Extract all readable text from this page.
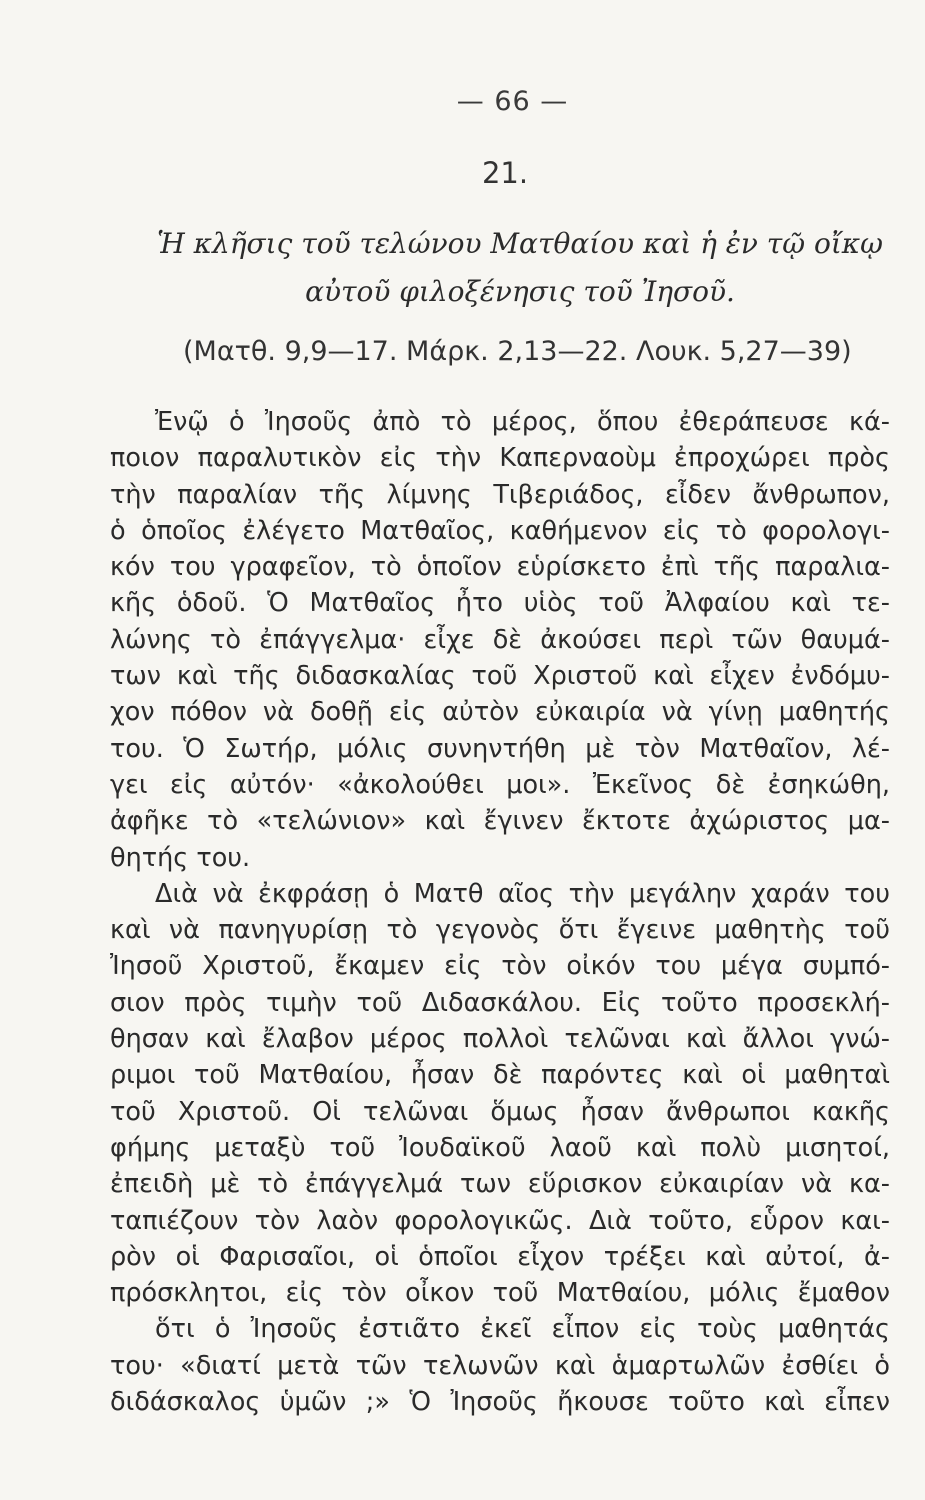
— 66 —
21.
Ἡ κλῆσις τοῦ τελώνου Ματθαίου καὶ ἡ ἐν τῷ οἴκῳ
αὐτοῦ φιλοξένησις τοῦ Ἰησοῦ.
(Ματθ. 9,9—17. Μάρκ. 2,13—22. Λουκ. 5,27—39)
Ἐνῷ ὁ Ἰησοῦς ἀπὸ τὸ μέρος, ὅπου ἐθεράπευσε κά-
ποιον παραλυτικὸν εἰς τὴν Καπερναοὺμ ἐπροχώρει πρὸς
τὴν παραλίαν τῆς λίμνης Τιβεριάδος, εἶδεν ἄνθρωπον,
ὁ ὁποῖος ἐλέγετο Ματθαῖος, καθήμενον εἰς τὸ φορολογι-
κόν του γραφεῖον, τὸ ὁποῖον εὑρίσκετο ἐπὶ τῆς παραλια-
κῆς ὁδοῦ. Ὁ Ματθαῖος ἦτο υἱὸς τοῦ Ἀλφαίου καὶ τε-
λώνης τὸ ἐπάγγελμα· εἶχε δὲ ἀκούσει περὶ τῶν θαυμά-
των καὶ τῆς διδασκαλίας τοῦ Χριστοῦ καὶ εἶχεν ἐνδόμυ-
χον πόθον νὰ δοθῇ εἰς αὐτὸν εὐκαιρία νὰ γίνῃ μαθητής
του. Ὁ Σωτήρ, μόλις συνηντήθη μὲ τὸν Ματθαῖον, λέ-
γει εἰς αὐτόν· «ἀκολούθει μοι». Ἐκεῖνος δὲ ἐσηκώθη,
ἀφῆκε τὸ «τελώνιον» καὶ ἔγινεν ἔκτοτε ἀχώριστος μα-
θητής του.
Διὰ νὰ ἐκφράσῃ ὁ Ματθ αῖος τὴν μεγάλην χαράν του
καὶ νὰ πανηγυρίσῃ τὸ γεγονὸς ὅτι ἔγεινε μαθητὴς τοῦ
Ἰησοῦ Χριστοῦ, ἔκαμεν εἰς τὸν οἰκόν του μέγα συμπό-
σιον πρὸς τιμὴν τοῦ Διδασκάλου. Εἰς τοῦτο προσεκλή-
θησαν καὶ ἔλαβον μέρος πολλοὶ τελῶναι καὶ ἄλλοι γνώ-
ριμοι τοῦ Ματθαίου, ἦσαν δὲ παρόντες καὶ οἱ μαθηταὶ
τοῦ Χριστοῦ. Οἱ τελῶναι ὅμως ἦσαν ἄνθρωποι κακῆς
φήμης μεταξὺ τοῦ Ἰουδαϊκοῦ λαοῦ καὶ πολὺ μισητοί,
ἐπειδὴ μὲ τὸ ἐπάγγελμά των εὕρισκον εὐκαιρίαν νὰ κα-
ταπιέζουν τὸν λαὸν φορολογικῶς. Διὰ τοῦτο, εὗρον και-
ρὸν οἱ Φαρισαῖοι, οἱ ὁποῖοι εἶχον τρέξει καὶ αὐτοί, ἀ-
πρόσκλητοι, εἰς τὸν οἶκον τοῦ Ματθαίου, μόλις ἔμαθον
ὅτι ὁ Ἰησοῦς ἐστιᾶτο ἐκεῖ εἶπον εἰς τοὺς μαθητάς
του· «διατί μετὰ τῶν τελωνῶν καὶ ἁμαρτωλῶν ἐσθίει ὁ
διδάσκαλος ὑμῶν ;» Ὁ Ἰησοῦς ἤκουσε τοῦτο καὶ εἶπεν
